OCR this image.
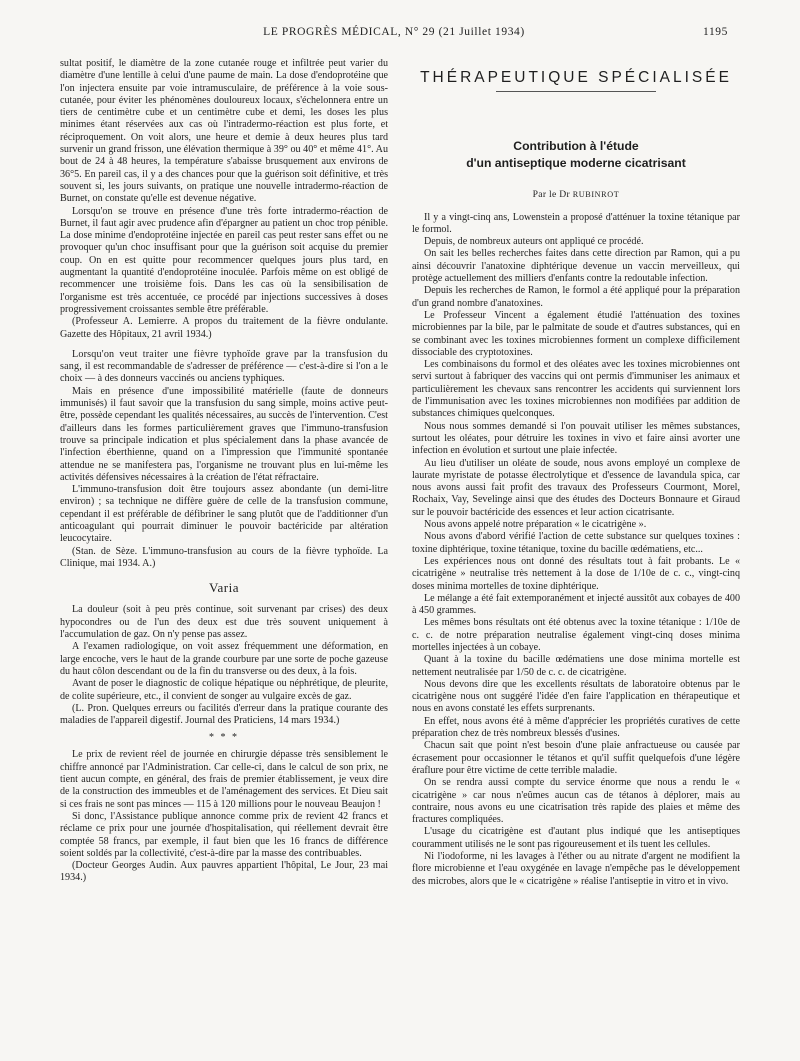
LE PROGRÈS MÉDICAL, N° 29 (21 Juillet 1934)	1195

sultat positif, le diamètre de la zone cutanée rouge et infiltrée peut varier du diamètre d'une lentille à celui d'une paume de main. La dose d'endoprotéine que l'on injectera ensuite par voie intramusculaire, de préférence à la voie sous-cutanée, pour éviter les phénomènes douloureux locaux, s'échelonnera entre un tiers de centimètre cube et un centimètre cube et demi, les doses les plus minimes étant réservées aux cas où l'intradermo-réaction est plus forte, et réciproquement. On voit alors, une heure et demie à deux heures plus tard survenir un grand frisson, une élévation thermique à 39° ou 40° et même 41°. Au bout de 24 à 48 heures, la température s'abaisse brusquement aux environs de 36°5. En pareil cas, il y a des chances pour que la guérison soit définitive, et très souvent si, les jours suivants, on pratique une nouvelle intradermo-réaction de Burnet, on constate qu'elle est devenue négative.

Lorsqu'on se trouve en présence d'une très forte intradermo-réaction de Burnet, il faut agir avec prudence afin d'épargner au patient un choc trop pénible. La dose minime d'endoprotéine injectée en pareil cas peut rester sans effet ou ne provoquer qu'un choc insuffisant pour que la guérison soit acquise du premier coup. On en est quitte pour recommencer quelques jours plus tard, en augmentant la quantité d'endoprotéine inoculée. Parfois même on est obligé de recommencer une troisième fois. Dans les cas où la sensibilisation de l'organisme est très accentuée, ce procédé par injections successives à doses progressivement croissantes semble être préférable.

(Professeur A. Lemierre. A propos du traitement de la fièvre ondulante. Gazette des Hôpitaux, 21 avril 1934.)

Lorsqu'on veut traiter une fièvre typhoïde grave par la transfusion du sang, il est recommandable de s'adresser de préférence — c'est-à-dire si l'on a le choix — à des donneurs vaccinés ou anciens typhiques.

Mais en présence d'une impossibilité matérielle (faute de donneurs immunisés) il faut savoir que la transfusion du sang simple, moins active peut-être, possède cependant les qualités nécessaires, au succès de l'intervention. C'est d'ailleurs dans les formes particulièrement graves que l'immuno-transfusion trouve sa principale indication et plus spécialement dans la phase avancée de l'infection éberthienne, quand on a l'impression que l'immunité spontanée attendue ne se manifestera pas, l'organisme ne trouvant plus en lui-même les activités défensives nécessaires à la création de l'état réfractaire.

L'immuno-transfusion doit être toujours assez abondante (un demi-litre environ) ; sa technique ne diffère guère de celle de la transfusion commune, cependant il est préférable de défibriner le sang plutôt que de l'additionner d'un anticoagulant qui pourrait diminuer le pouvoir bactéricide par altération leucocytaire.

(Stan. de Sèze. L'immuno-transfusion au cours de la fièvre typhoïde. La Clinique, mai 1934. A.)

Varia

La douleur (soit à peu près continue, soit survenant par crises) des deux hypocondres ou de l'un des deux est due très souvent uniquement à l'accumulation de gaz. On n'y pense pas assez.

A l'examen radiologique, on voit assez fréquemment une déformation, en large encoche, vers le haut de la grande courbure par une sorte de poche gazeuse du haut côlon descendant ou de la fin du transverse ou des deux, à la fois.

Avant de poser le diagnostic de colique hépatique ou néphrétique, de pleurite, de colite supérieure, etc., il convient de songer au vulgaire excès de gaz.

(L. Pron. Quelques erreurs ou facilités d'erreur dans la pratique courante des maladies de l'appareil digestif. Journal des Praticiens, 14 mars 1934.)

* * *

Le prix de revient réel de journée en chirurgie dépasse très sensiblement le chiffre annoncé par l'Administration. Car celle-ci, dans le calcul de son prix, ne tient aucun compte, en général, des frais de premier établissement, je veux dire de la construction des immeubles et de l'aménagement des services. Et Dieu sait si ces frais ne sont pas minces — 115 à 120 millions pour le nouveau Beaujon !

Si donc, l'Assistance publique annonce comme prix de revient 42 francs et réclame ce prix pour une journée d'hospitalisation, qui réellement devrait être comptée 58 francs, par exemple, il faut bien que les 16 francs de différence soient soldés par la collectivité, c'est-à-dire par la masse des contribuables.

(Docteur Georges Audin. Aux pauvres appartient l'hôpital, Le Jour, 23 mai 1934.)

THÉRAPEUTIQUE SPÉCIALISÉE
Contribution à l'étude
d'un antiseptique moderne cicatrisant
Par le Dr RUBINROT

Il y a vingt-cinq ans, Lowenstein a proposé d'atténuer la toxine tétanique par le formol.

Depuis, de nombreux auteurs ont appliqué ce procédé.

On sait les belles recherches faites dans cette direction par Ramon, qui a pu ainsi découvrir l'anatoxine diphtérique devenue un vaccin merveilleux, qui protège actuellement des milliers d'enfants contre la redoutable infection.

Depuis les recherches de Ramon, le formol a été appliqué pour la préparation d'un grand nombre d'anatoxines.

Le Professeur Vincent a également étudié l'atténuation des toxines microbiennes par la bile, par le palmitate de soude et d'autres substances, qui en se combinant avec les toxines microbiennes forment un complexe difficilement dissociable des cryptotoxines.

Les combinaisons du formol et des oléates avec les toxines microbiennes ont servi surtout à fabriquer des vaccins qui ont permis d'immuniser les animaux et particulièrement les chevaux sans rencontrer les accidents qui surviennent lors de l'immunisation avec les toxines microbiennes non modifiées par addition de substances chimiques quelconques.

Nous nous sommes demandé si l'on pouvait utiliser les mêmes substances, surtout les oléates, pour détruire les toxines in vivo et faire ainsi avorter une infection en évolution et surtout une plaie infectée.

Au lieu d'utiliser un oléate de soude, nous avons employé un complexe de laurate myristate de potasse électrolytique et d'essence de lavandula spica, car nous avons aussi fait profit des travaux des Professeurs Courmont, Morel, Rochaix, Vay, Sevelinge ainsi que des études des Docteurs Bonnaure et Giraud sur le pouvoir bactéricide des essences et leur action cicatrisante.

Nous avons appelé notre préparation « le cicatrigène ».

Nous avons d'abord vérifié l'action de cette substance sur quelques toxines : toxine diphtérique, toxine tétanique, toxine du bacille œdématiens, etc...

Les expériences nous ont donné des résultats tout à fait probants. Le « cicatrigène » neutralise très nettement à la dose de 1/10e de c. c., vingt-cinq doses minima mortelles de toxine diphtérique.

Le mélange a été fait extemporanément et injecté aussitôt aux cobayes de 400 à 450 grammes.

Les mêmes bons résultats ont été obtenus avec la toxine tétanique : 1/10e de c. c. de notre préparation neutralise également vingt-cinq doses minima mortelles injectées à un cobaye.

Quant à la toxine du bacille œdématiens une dose minima mortelle est nettement neutralisée par 1/50 de c. c. de cicatrigène.

Nous devons dire que les excellents résultats de laboratoire obtenus par le cicatrigène nous ont suggéré l'idée d'en faire l'application en thérapeutique et nous en avons constaté les effets surprenants.

En effet, nous avons été à même d'apprécier les propriétés curatives de cette préparation chez de très nombreux blessés d'usines.

Chacun sait que point n'est besoin d'une plaie anfractueuse ou causée par écrasement pour occasionner le tétanos et qu'il suffit quelquefois d'une légère éraflure pour être victime de cette terrible maladie.

On se rendra aussi compte du service énorme que nous a rendu le « cicatrigène » car nous n'eûmes aucun cas de tétanos à déplorer, mais au contraire, nous avons eu une cicatrisation très rapide des plaies et même des fractures compliquées.

L'usage du cicatrigène est d'autant plus indiqué que les antiseptiques couramment utilisés ne le sont pas rigoureusement et ils tuent les cellules.

Ni l'iodoforme, ni les lavages à l'éther ou au nitrate d'argent ne modifient la flore microbienne et l'eau oxygénée en lavage n'empêche pas le développement des microbes, alors que le « cicatrigène » réalise l'antiseptie in vitro et in vivo.
